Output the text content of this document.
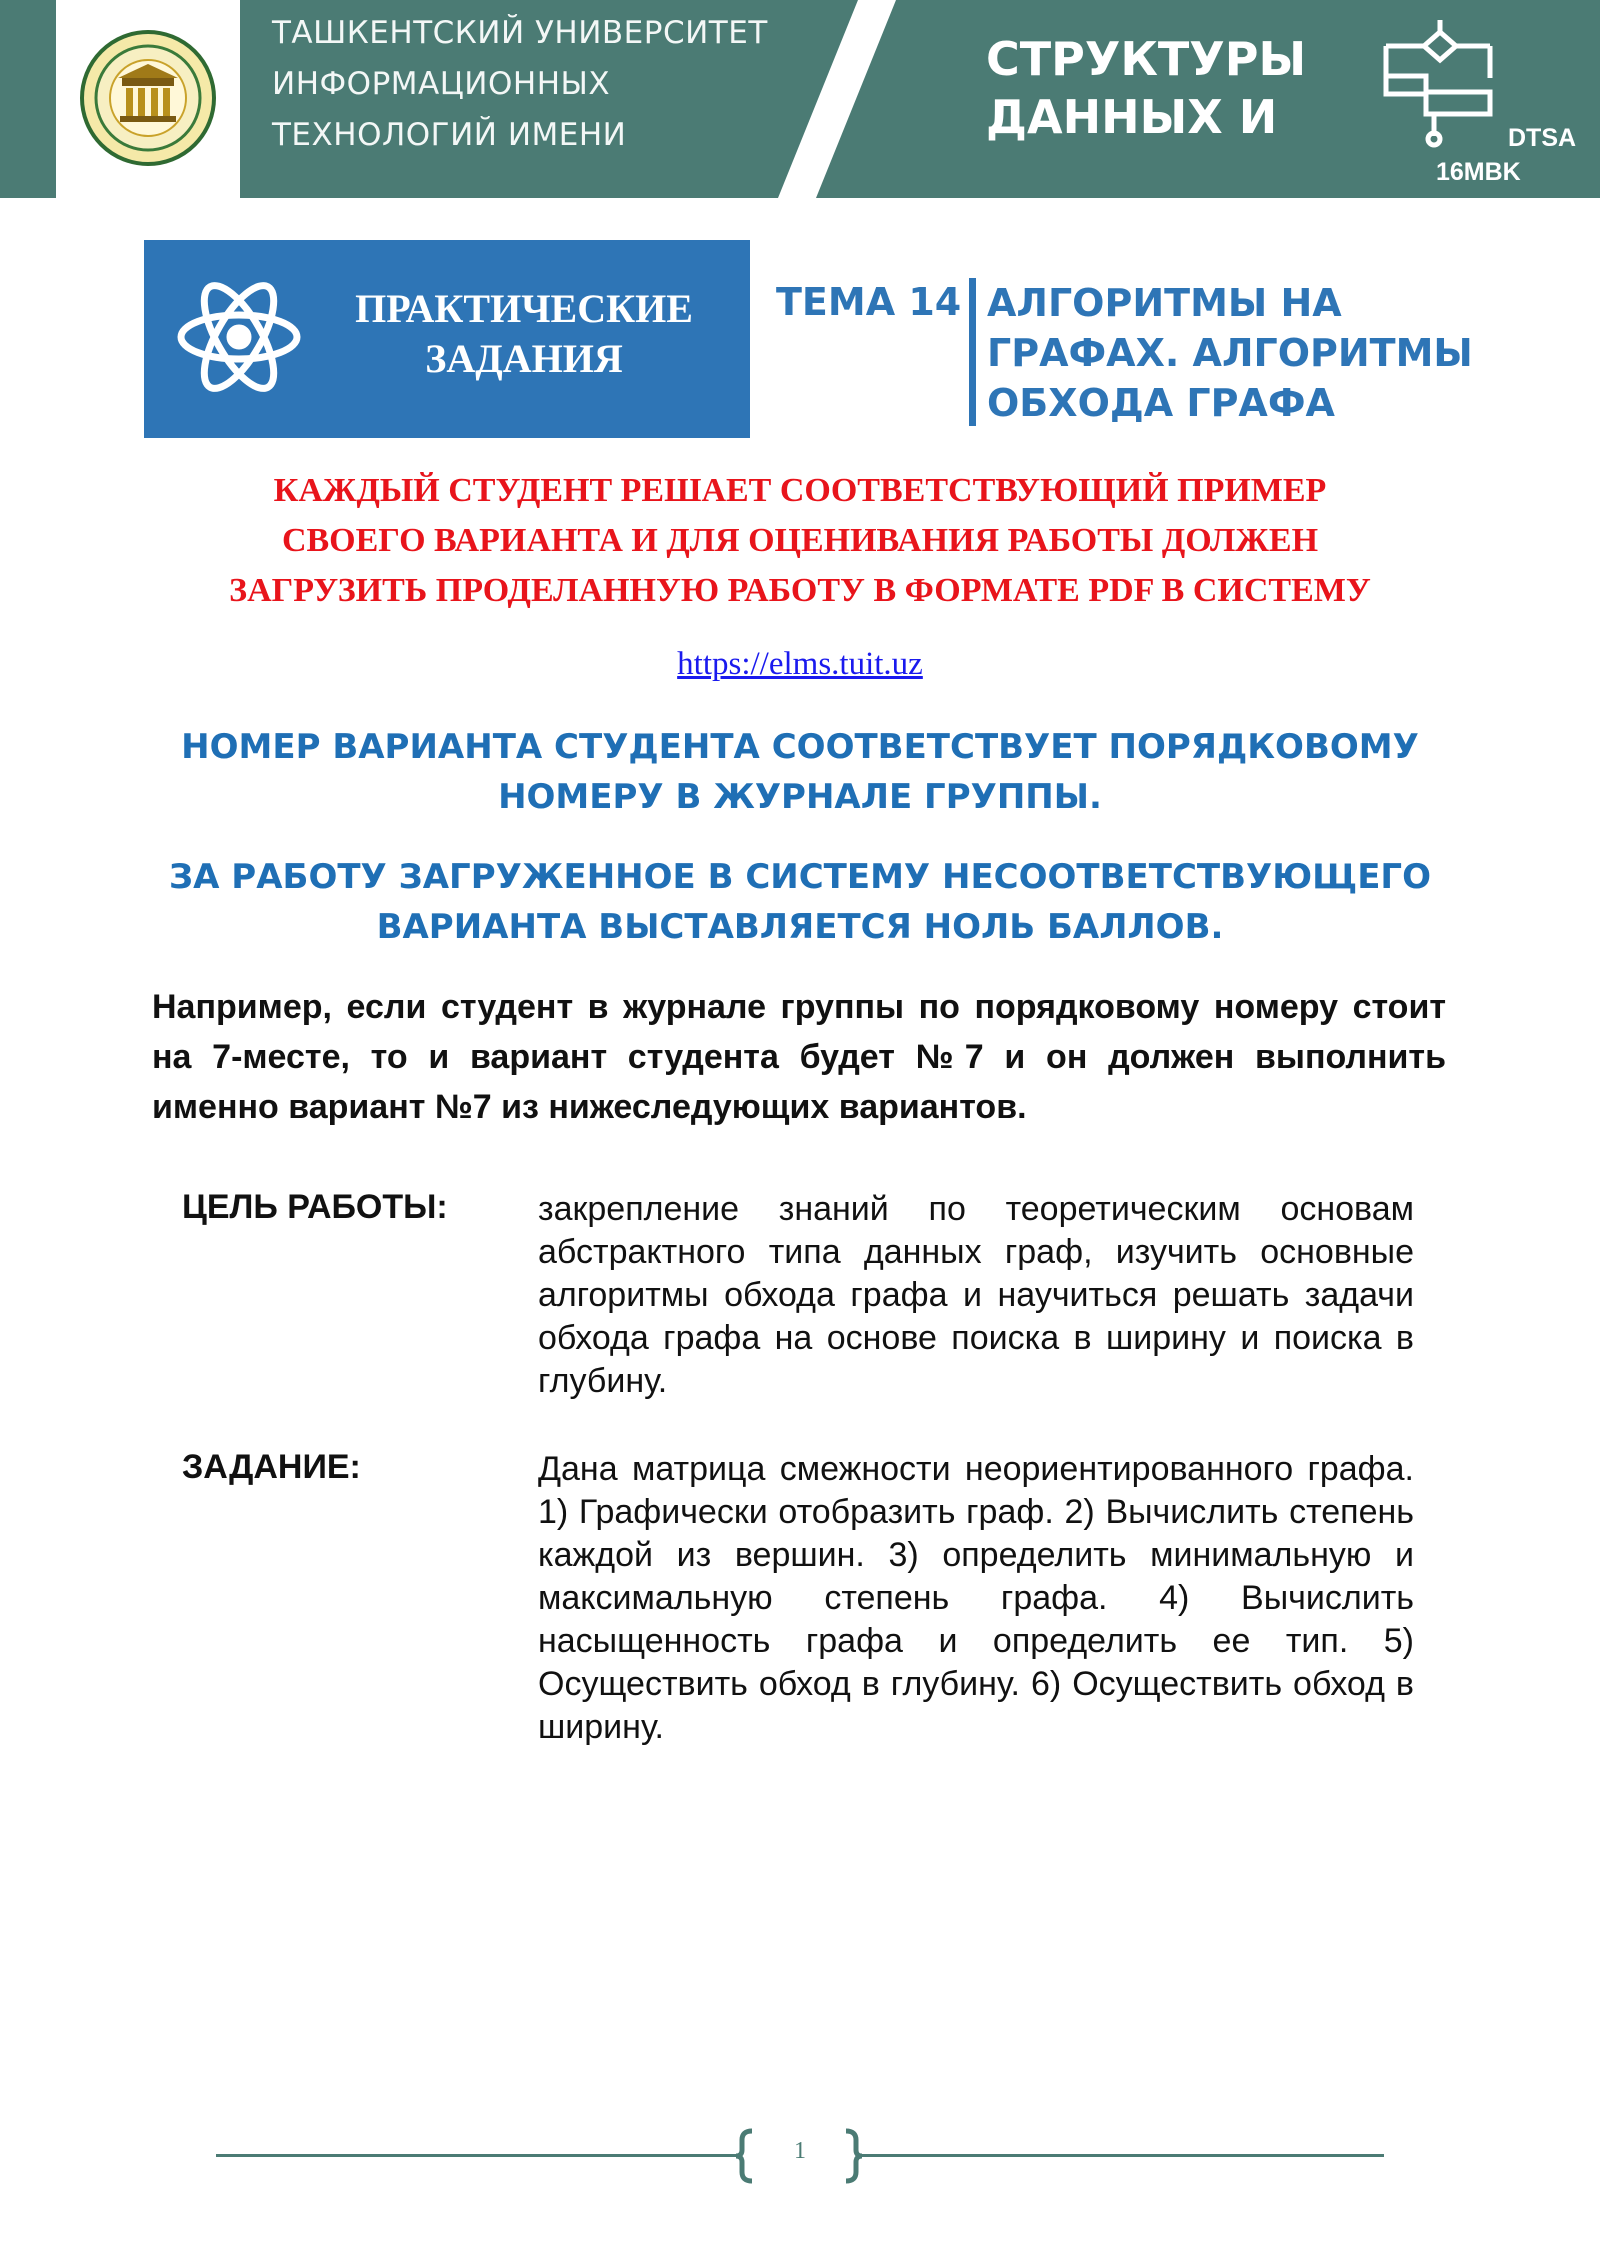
ТАШКЕНТСКИЙ УНИВЕРСИТЕТ
ИНФОРМАЦИОННЫХ
ТЕХНОЛОГИЙ ИМЕНИ
СТРУКТУРЫ
ДАННЫХ И	DTSA
16MBK
ПРАКТИЧЕСКИЕ
ЗАДАНИЯ
ТЕМА 14 АЛГОРИТМЫ НА
ГРАФАХ. АЛГОРИТМЫ
ОБХОДА ГРАФА
КАЖДЫЙ СТУДЕНТ РЕШАЕТ СООТВЕТСТВУЮЩИЙ ПРИМЕР
СВОЕГО ВАРИАНТА И ДЛЯ ОЦЕНИВАНИЯ РАБОТЫ ДОЛЖЕН
ЗАГРУЗИТЬ ПРОДЕЛАННУЮ РАБОТУ В ФОРМАТЕ PDF В СИСТЕМУ
https://elms.tuit.uz
НОМЕР ВАРИАНТА СТУДЕНТА СООТВЕТСТВУЕТ ПОРЯДКОВОМУ
НОМЕРУ В ЖУРНАЛЕ ГРУППЫ.
ЗА РАБОТУ ЗАГРУЖЕННОЕ В СИСТЕМУ НЕСООТВЕТСТВУЮЩЕГО
ВАРИАНТА ВЫСТАВЛЯЕТСЯ НОЛЬ БАЛЛОВ.
Например, если студент в журнале группы по порядковому номеру стоит на 7-месте, то и вариант студента будет №7 и он должен выполнить именно вариант №7 из нижеследующих вариантов.
ЦЕЛЬ РАБОТЫ:	закрепление знаний по теоретическим основам абстрактного типа данных граф, изучить основные алгоритмы обхода графа и научиться решать задачи обхода графа на основе поиска в ширину и поиска в глубину.
ЗАДАНИЕ:	Дана матрица смежности неориентированного графа. 1) Графически отобразить граф. 2) Вычислить степень каждой из вершин. 3) определить минимальную и максимальную степень графа. 4) Вычислить насыщенность графа и определить ее тип. 5) Осуществить обход в глубину. 6) Осуществить обход в ширину.
1
